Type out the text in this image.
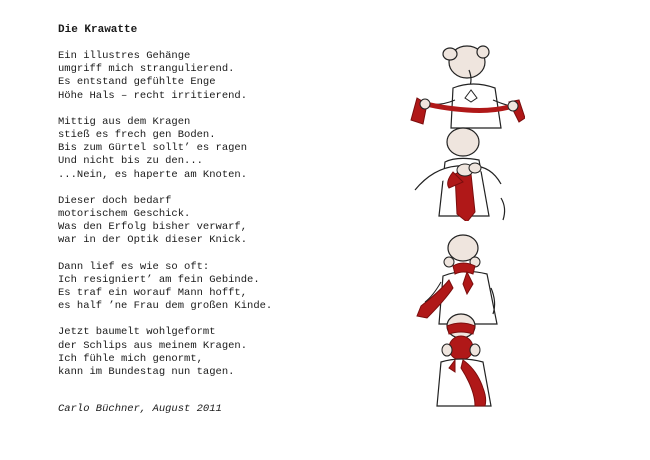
Die Krawatte
Ein illustres Gehänge
umgriff mich strangulierend.
Es entstand gefühlte Enge
Höhe Hals – recht irritierend.
Mittig aus dem Kragen
stieß es frech gen Boden.
Bis zum Gürtel sollt’ es ragen
Und nicht bis zu den...
...Nein, es haperte am Knoten.
Dieser doch bedarf
motorischem Geschick.
Was den Erfolg bisher verwarf,
war in der Optik dieser Knick.
Dann lief es wie so oft:
Ich resigniert’ am fein Gebinde.
Es traf ein worauf Mann hofft,
es half ’ne Frau dem großen Kinde.
Jetzt baumelt wohlgeformt
der Schlips aus meinem Kragen.
Ich fühle mich genormt,
kann im Bundestag nun tagen.
Carlo Büchner, August 2011
